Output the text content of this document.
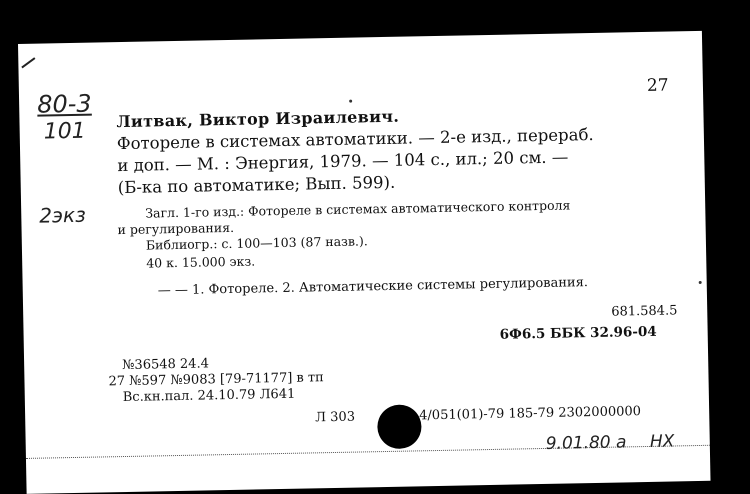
80-3
101
2экз
27
Литвак, Виктор Израилевич.
Фотореле в системах автоматики. — 2-е изд., перераб.
и доп. — М. : Энергия, 1979. — 104 с., ил.; 20 см. —
(Б-ка по автоматике; Вып. 599).
Загл. 1-го изд.: Фотореле в системах автоматического контроля
и регулирования.
Библиогр.: с. 100—103 (87 назв.).
40 к. 15.000 экз.
— — 1. Фотореле. 2. Автоматические системы регулирования.
681.584.5
6Ф6.5 ББК 32.96-04
№36548 24.4
27 №597 №9083 [79-71177] в тп
Вс.кн.пал. 24.10.79 Л641
Л 303	4/051(01)-79 185-79 2302000000
9.01.80 а НХ
